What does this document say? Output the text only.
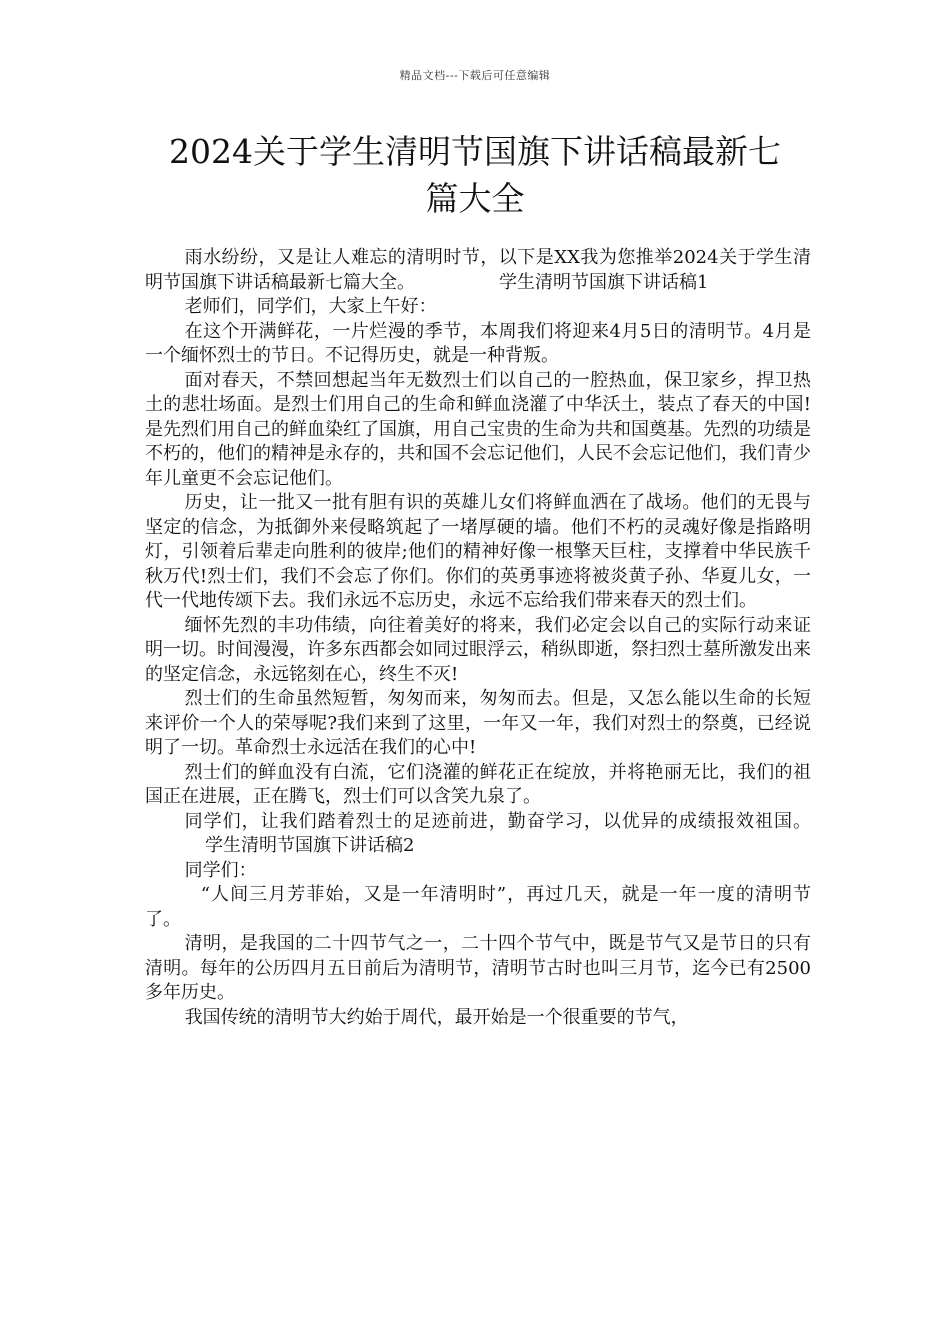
精品文档---下载后可任意编辑
2024关于学生清明节国旗下讲话稿最新七
篇大全

雨水纷纷，又是让人难忘的清明时节，以下是XX我为您推举2024关于学生清明节国旗下讲话稿最新七篇大全。	学生清明节国旗下讲话稿1

老师们，同学们，大家上午好：

在这个开满鲜花，一片烂漫的季节，本周我们将迎来4月5日的清明节。4月是一个缅怀烈士的节日。不记得历史，就是一种背叛。

面对春天，不禁回想起当年无数烈士们以自己的一腔热血，保卫家乡，捍卫热土的悲壮场面。是烈士们用自己的生命和鲜血浇灌了中华沃土，装点了春天的中国!是先烈们用自己的鲜血染红了国旗，用自己宝贵的生命为共和国奠基。先烈的功绩是不朽的，他们的精神是永存的，共和国不会忘记他们，人民不会忘记他们，我们青少年儿童更不会忘记他们。

历史，让一批又一批有胆有识的英雄儿女们将鲜血洒在了战场。他们的无畏与坚定的信念，为抵御外来侵略筑起了一堵厚硬的墙。他们不朽的灵魂好像是指路明灯，引领着后辈走向胜利的彼岸;他们的精神好像一根擎天巨柱，支撑着中华民族千秋万代!烈士们，我们不会忘了你们。你们的英勇事迹将被炎黄子孙、华夏儿女，一代一代地传颂下去。我们永远不忘历史，永远不忘给我们带来春天的烈士们。

缅怀先烈的丰功伟绩，向往着美好的将来，我们必定会以自己的实际行动来证明一切。时间漫漫，许多东西都会如同过眼浮云，稍纵即逝，祭扫烈士墓所激发出来的坚定信念，永远铭刻在心，终生不灭!

烈士们的生命虽然短暂，匆匆而来，匆匆而去。但是，又怎么能以生命的长短来评价一个人的荣辱呢?我们来到了这里，一年又一年，我们对烈士的祭奠，已经说明了一切。革命烈士永远活在我们的心中!

烈士们的鲜血没有白流，它们浇灌的鲜花正在绽放，并将艳丽无比，我们的祖国正在进展，正在腾飞，烈士们可以含笑九泉了。

同学们，让我们踏着烈士的足迹前进，勤奋学习，以优异的成绩报效祖国。学生清明节国旗下讲话稿2

同学们：

“人间三月芳菲始，又是一年清明时”，再过几天，就是一年一度的清明节了。

清明，是我国的二十四节气之一，二十四个节气中，既是节气又是节日的只有清明。每年的公历四月五日前后为清明节，清明节古时也叫三月节，迄今已有2500多年历史。

我国传统的清明节大约始于周代，最开始是一个很重要的节气，
